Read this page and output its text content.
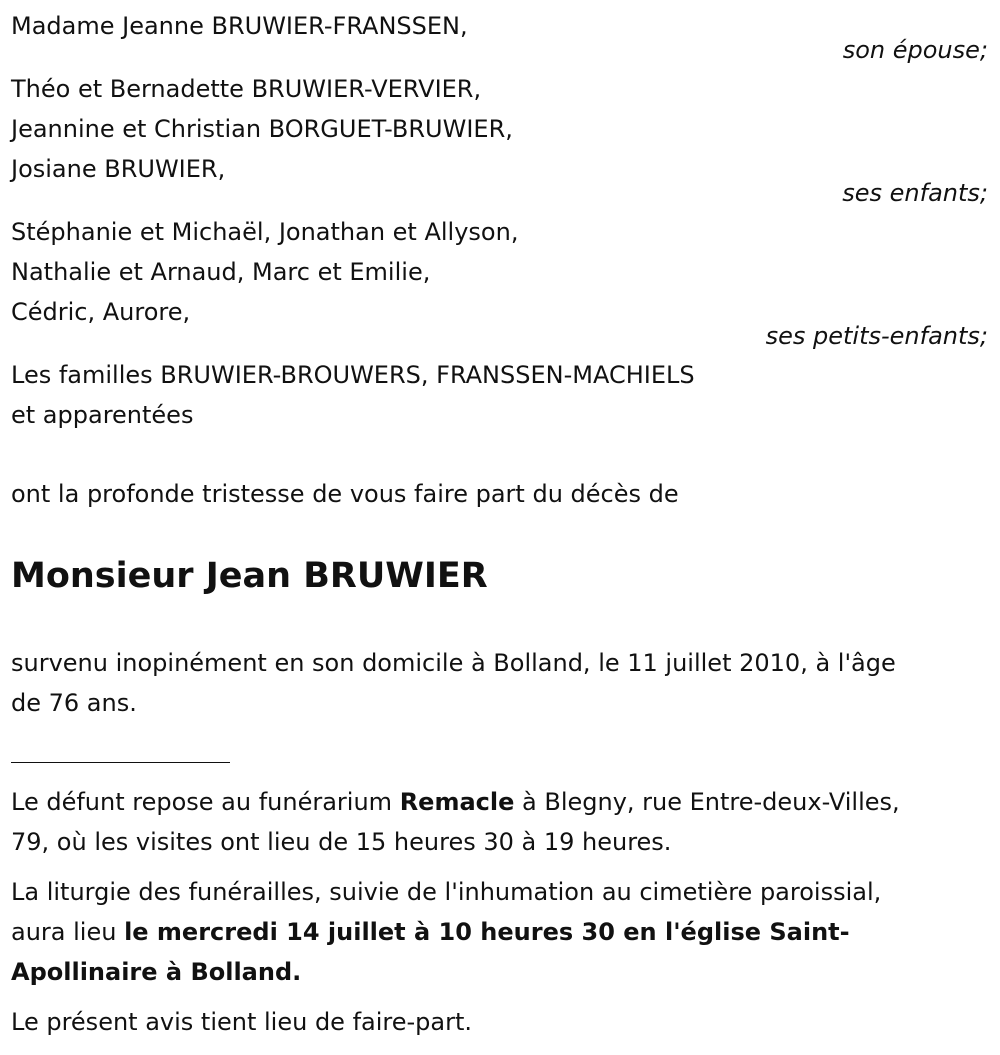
Madame Jeanne BRUWIER-FRANSSEN,
son épouse;
Théo et Bernadette BRUWIER-VERVIER,
Jeannine et Christian BORGUET-BRUWIER,
Josiane BRUWIER,
ses enfants;
Stéphanie et Michaël, Jonathan et Allyson,
Nathalie et Arnaud, Marc et Emilie,
Cédric, Aurore,
ses petits-enfants;
Les familles BRUWIER-BROUWERS, FRANSSEN-MACHIELS
et apparentées
ont la profonde tristesse de vous faire part du décès de
Monsieur Jean BRUWIER
survenu inopinément en son domicile à Bolland, le 11 juillet 2010, à l'âge
de 76 ans.
Le défunt repose au funérarium Remacle à Blegny, rue Entre-deux-Villes,
79, où les visites ont lieu de 15 heures 30 à 19 heures.
La liturgie des funérailles, suivie de l'inhumation au cimetière paroissial,
aura lieu le mercredi 14 juillet à 10 heures 30 en l'église Saint-
Apollinaire à Bolland.
Le présent avis tient lieu de faire-part.
